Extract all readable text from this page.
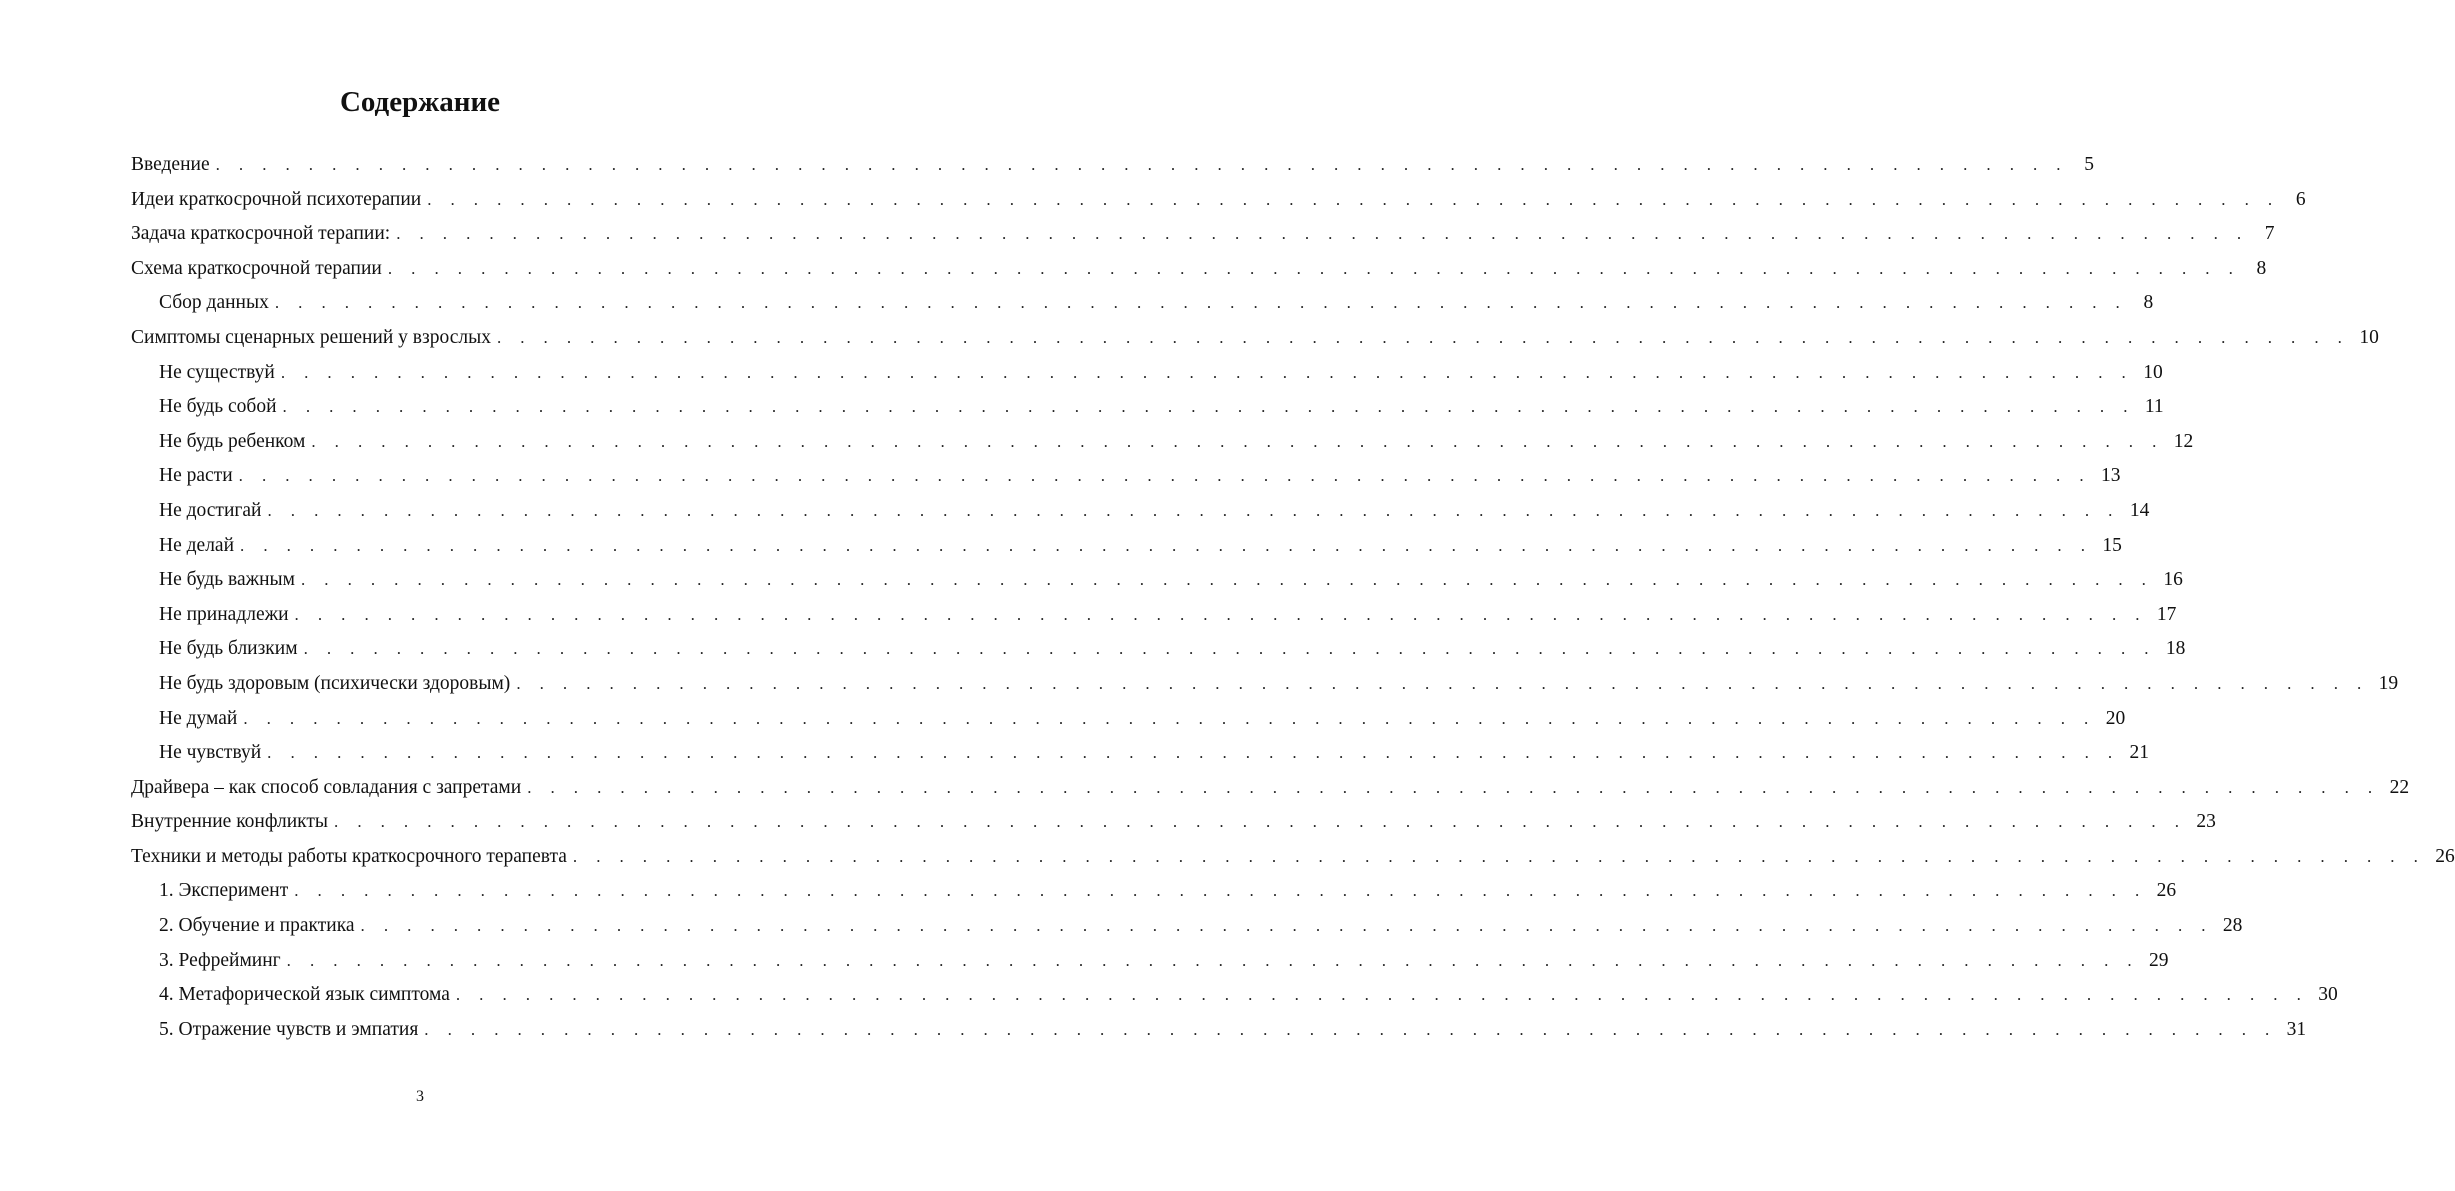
Содержание
Введение . . . . . . . . . . . . . . . . . . . . . . . . . . . . . . . . . . . . . . . . . . . . . . . . . . . . . . . . . . . . . . . . . . . . . . . . . . . . . . . . 5
Идеи краткосрочной психотерапии . . . . . . . . . . . . . . . . . . . . . . . . . . . . . . . . . . . . . . . . . . . . . . . . . . . . . . . . . . . . . . . . . . . . . . . . . . . . . . . . 6
Задача краткосрочной терапии: . . . . . . . . . . . . . . . . . . . . . . . . . . . . . . . . . . . . . . . . . . . . . . . . . . . . . . . . . . . . . . . . . . . . . . . . . . . . . . . . 7
Схема краткосрочной терапии . . . . . . . . . . . . . . . . . . . . . . . . . . . . . . . . . . . . . . . . . . . . . . . . . . . . . . . . . . . . . . . . . . . . . . . . . . . . . . . . 8
Сбор данных . . . . . . . . . . . . . . . . . . . . . . . . . . . . . . . . . . . . . . . . . . . . . . . . . . . . . . . . . . . . . . . . . . . . . . . . . . . . . . . . 8
Симптомы сценарных решений у взрослых . . . . . . . . . . . . . . . . . . . . . . . . . . . . . . . . . . . . . . . . . . . . . . . . . . . . . . . . . . . . . . . . . . . . . . . . . . . . . . . . 10
Не существуй . . . . . . . . . . . . . . . . . . . . . . . . . . . . . . . . . . . . . . . . . . . . . . . . . . . . . . . . . . . . . . . . . . . . . . . . . . . . . . . . 10
Не будь собой . . . . . . . . . . . . . . . . . . . . . . . . . . . . . . . . . . . . . . . . . . . . . . . . . . . . . . . . . . . . . . . . . . . . . . . . . . . . . . . . 11
Не будь ребенком . . . . . . . . . . . . . . . . . . . . . . . . . . . . . . . . . . . . . . . . . . . . . . . . . . . . . . . . . . . . . . . . . . . . . . . . . . . . . . . . 12
Не расти . . . . . . . . . . . . . . . . . . . . . . . . . . . . . . . . . . . . . . . . . . . . . . . . . . . . . . . . . . . . . . . . . . . . . . . . . . . . . . . . 13
Не достигай . . . . . . . . . . . . . . . . . . . . . . . . . . . . . . . . . . . . . . . . . . . . . . . . . . . . . . . . . . . . . . . . . . . . . . . . . . . . . . . . 14
Не делай . . . . . . . . . . . . . . . . . . . . . . . . . . . . . . . . . . . . . . . . . . . . . . . . . . . . . . . . . . . . . . . . . . . . . . . . . . . . . . . . 15
Не будь важным . . . . . . . . . . . . . . . . . . . . . . . . . . . . . . . . . . . . . . . . . . . . . . . . . . . . . . . . . . . . . . . . . . . . . . . . . . . . . . . . 16
Не принадлежи . . . . . . . . . . . . . . . . . . . . . . . . . . . . . . . . . . . . . . . . . . . . . . . . . . . . . . . . . . . . . . . . . . . . . . . . . . . . . . . . 17
Не будь близким . . . . . . . . . . . . . . . . . . . . . . . . . . . . . . . . . . . . . . . . . . . . . . . . . . . . . . . . . . . . . . . . . . . . . . . . . . . . . . . . 18
Не будь здоровым (психически здоровым) . . . . . . . . . . . . . . . . . . . . . . . . . . . . . . . . . . . . . . . . . . . . . . . . . . . . . . . . . . . . . . . . . . . . . . . . . . . . . . . . 19
Не думай . . . . . . . . . . . . . . . . . . . . . . . . . . . . . . . . . . . . . . . . . . . . . . . . . . . . . . . . . . . . . . . . . . . . . . . . . . . . . . . . 20
Не чувствуй . . . . . . . . . . . . . . . . . . . . . . . . . . . . . . . . . . . . . . . . . . . . . . . . . . . . . . . . . . . . . . . . . . . . . . . . . . . . . . . . 21
Драйвера – как способ совладания с запретами . . . . . . . . . . . . . . . . . . . . . . . . . . . . . . . . . . . . . . . . . . . . . . . . . . . . . . . . . . . . . . . . . . . . . . . . . . . . . . . . 22
Внутренние конфликты . . . . . . . . . . . . . . . . . . . . . . . . . . . . . . . . . . . . . . . . . . . . . . . . . . . . . . . . . . . . . . . . . . . . . . . . . . . . . . . . 23
Техники и методы работы краткосрочного терапевта . . . . . . . . . . . . . . . . . . . . . . . . . . . . . . . . . . . . . . . . . . . . . . . . . . . . . . . . . . . . . . . . . . . . . . . . . . . . . . . . 26
1. Эксперимент . . . . . . . . . . . . . . . . . . . . . . . . . . . . . . . . . . . . . . . . . . . . . . . . . . . . . . . . . . . . . . . . . . . . . . . . . . . . . . . . 26
2. Обучение и практика . . . . . . . . . . . . . . . . . . . . . . . . . . . . . . . . . . . . . . . . . . . . . . . . . . . . . . . . . . . . . . . . . . . . . . . . . . . . . . . . 28
3. Рефрейминг . . . . . . . . . . . . . . . . . . . . . . . . . . . . . . . . . . . . . . . . . . . . . . . . . . . . . . . . . . . . . . . . . . . . . . . . . . . . . . . . 29
4. Метафорической язык симптома . . . . . . . . . . . . . . . . . . . . . . . . . . . . . . . . . . . . . . . . . . . . . . . . . . . . . . . . . . . . . . . . . . . . . . . . . . . . . . . . 30
5. Отражение чувств и эмпатия . . . . . . . . . . . . . . . . . . . . . . . . . . . . . . . . . . . . . . . . . . . . . . . . . . . . . . . . . . . . . . . . . . . . . . . . . . . . . . . . 31
3
